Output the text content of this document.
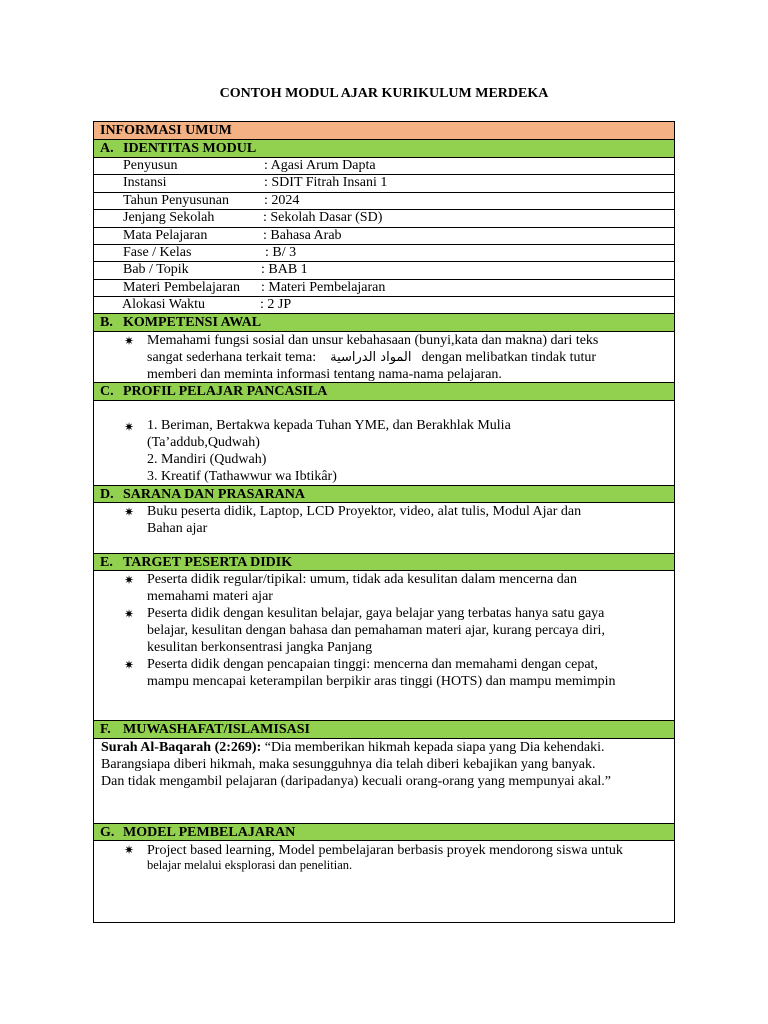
CONTOH MODUL AJAR KURIKULUM MERDEKA
INFORMASI UMUM
A. IDENTITAS MODUL
Penyusun	: Agasi Arum Dapta
Instansi	: SDIT Fitrah Insani 1
Tahun Penyusunan	: 2024
Jenjang Sekolah	: Sekolah Dasar (SD)
Mata Pelajaran	: Bahasa Arab
Fase / Kelas	: B/ 3
Bab / Topik	: BAB 1
Materi Pembelajaran : Materi Pembelajaran
Alokasi Waktu	: 2 JP
B. KOMPETENSI AWAL
✷ Memahami fungsi sosial dan unsur kebahasaan (bunyi,kata dan makna) dari teks
sangat sederhana terkait tema: المواد الدراسية dengan melibatkan tindak tutur
memberi dan meminta informasi tentang nama-nama pelajaran.
C. PROFIL PELAJAR PANCASILA
✷ 1. Beriman, Bertakwa kepada Tuhan YME, dan Berakhlak Mulia
(Ta’addub,Qudwah)
2. Mandiri (Qudwah)
3. Kreatif (Tathawwur wa Ibtikâr)
D. SARANA DAN PRASARANA
✷ Buku peserta didik, Laptop, LCD Proyektor, video, alat tulis, Modul Ajar dan
Bahan ajar
E. TARGET PESERTA DIDIK
✷ Peserta didik regular/tipikal: umum, tidak ada kesulitan dalam mencerna dan
memahami materi ajar
✷ Peserta didik dengan kesulitan belajar, gaya belajar yang terbatas hanya satu gaya
belajar, kesulitan dengan bahasa dan pemahaman materi ajar, kurang percaya diri,
kesulitan berkonsentrasi jangka Panjang
✷ Peserta didik dengan pencapaian tinggi: mencerna dan memahami dengan cepat,
mampu mencapai keterampilan berpikir aras tinggi (HOTS) dan mampu memimpin
F. MUWASHAFAT/ISLAMISASI
Surah Al-Baqarah (2:269): “Dia memberikan hikmah kepada siapa yang Dia kehendaki.
Barangsiapa diberi hikmah, maka sesungguhnya dia telah diberi kebajikan yang banyak.
Dan tidak mengambil pelajaran (daripadanya) kecuali orang-orang yang mempunyai akal.”
G. MODEL PEMBELAJARAN
✷ Project based learning, Model pembelajaran berbasis proyek mendorong siswa untuk
belajar melalui eksplorasi dan penelitian.
